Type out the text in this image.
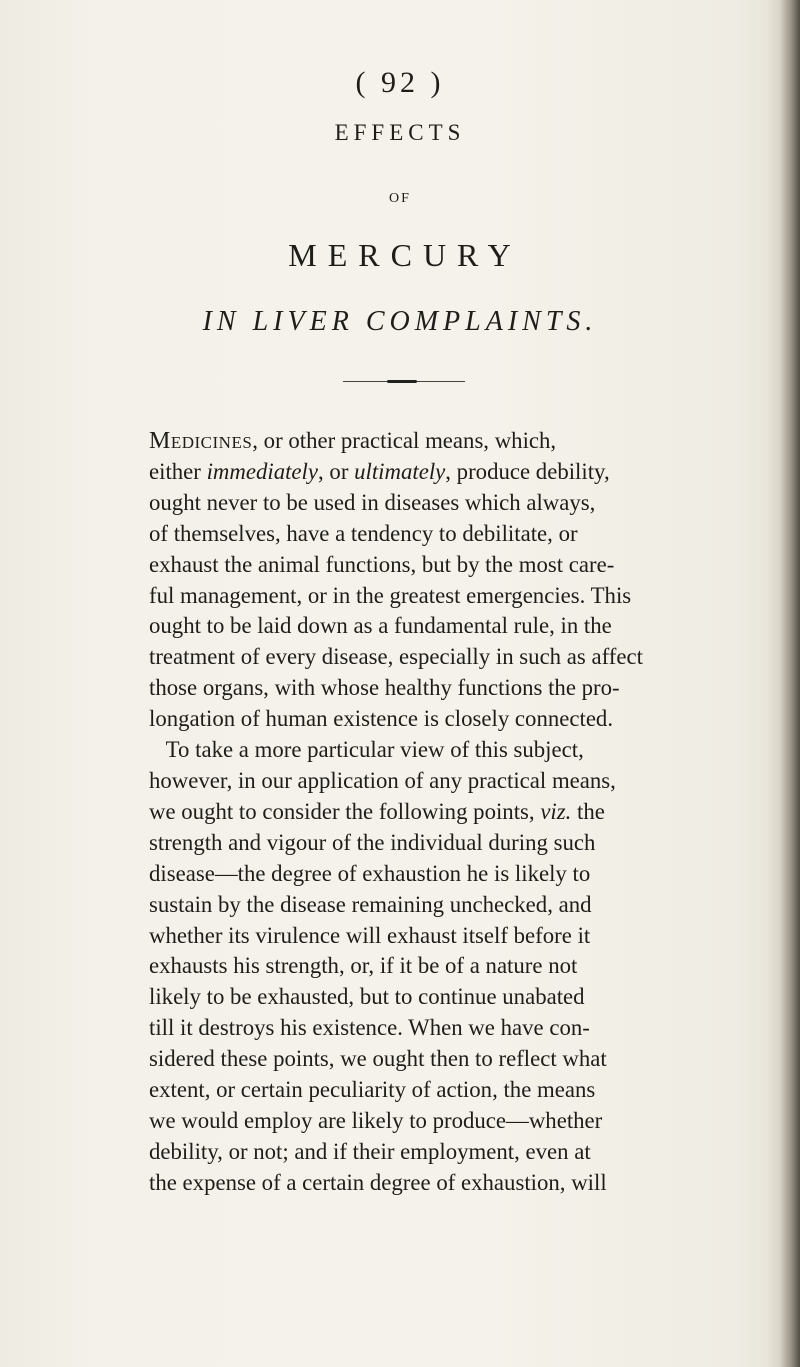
( 92 )
EFFECTS
OF
MERCURY
IN LIVER COMPLAINTS.
Medicines, or other practical means, which,
either immediately, or ultimately, produce debility,
ought never to be used in diseases which always,
of themselves, have a tendency to debilitate, or
exhaust the animal functions, but by the most care-
ful management, or in the greatest emergencies. This
ought to be laid down as a fundamental rule, in the
treatment of every disease, especially in such as affect
those organs, with whose healthy functions the pro-
longation of human existence is closely connected.
To take a more particular view of this subject,
however, in our application of any practical means,
we ought to consider the following points, viz. the
strength and vigour of the individual during such
disease—the degree of exhaustion he is likely to
sustain by the disease remaining unchecked, and
whether its virulence will exhaust itself before it
exhausts his strength, or, if it be of a nature not
likely to be exhausted, but to continue unabated
till it destroys his existence. When we have con-
sidered these points, we ought then to reflect what
extent, or certain peculiarity of action, the means
we would employ are likely to produce—whether
debility, or not; and if their employment, even at
the expense of a certain degree of exhaustion, will
